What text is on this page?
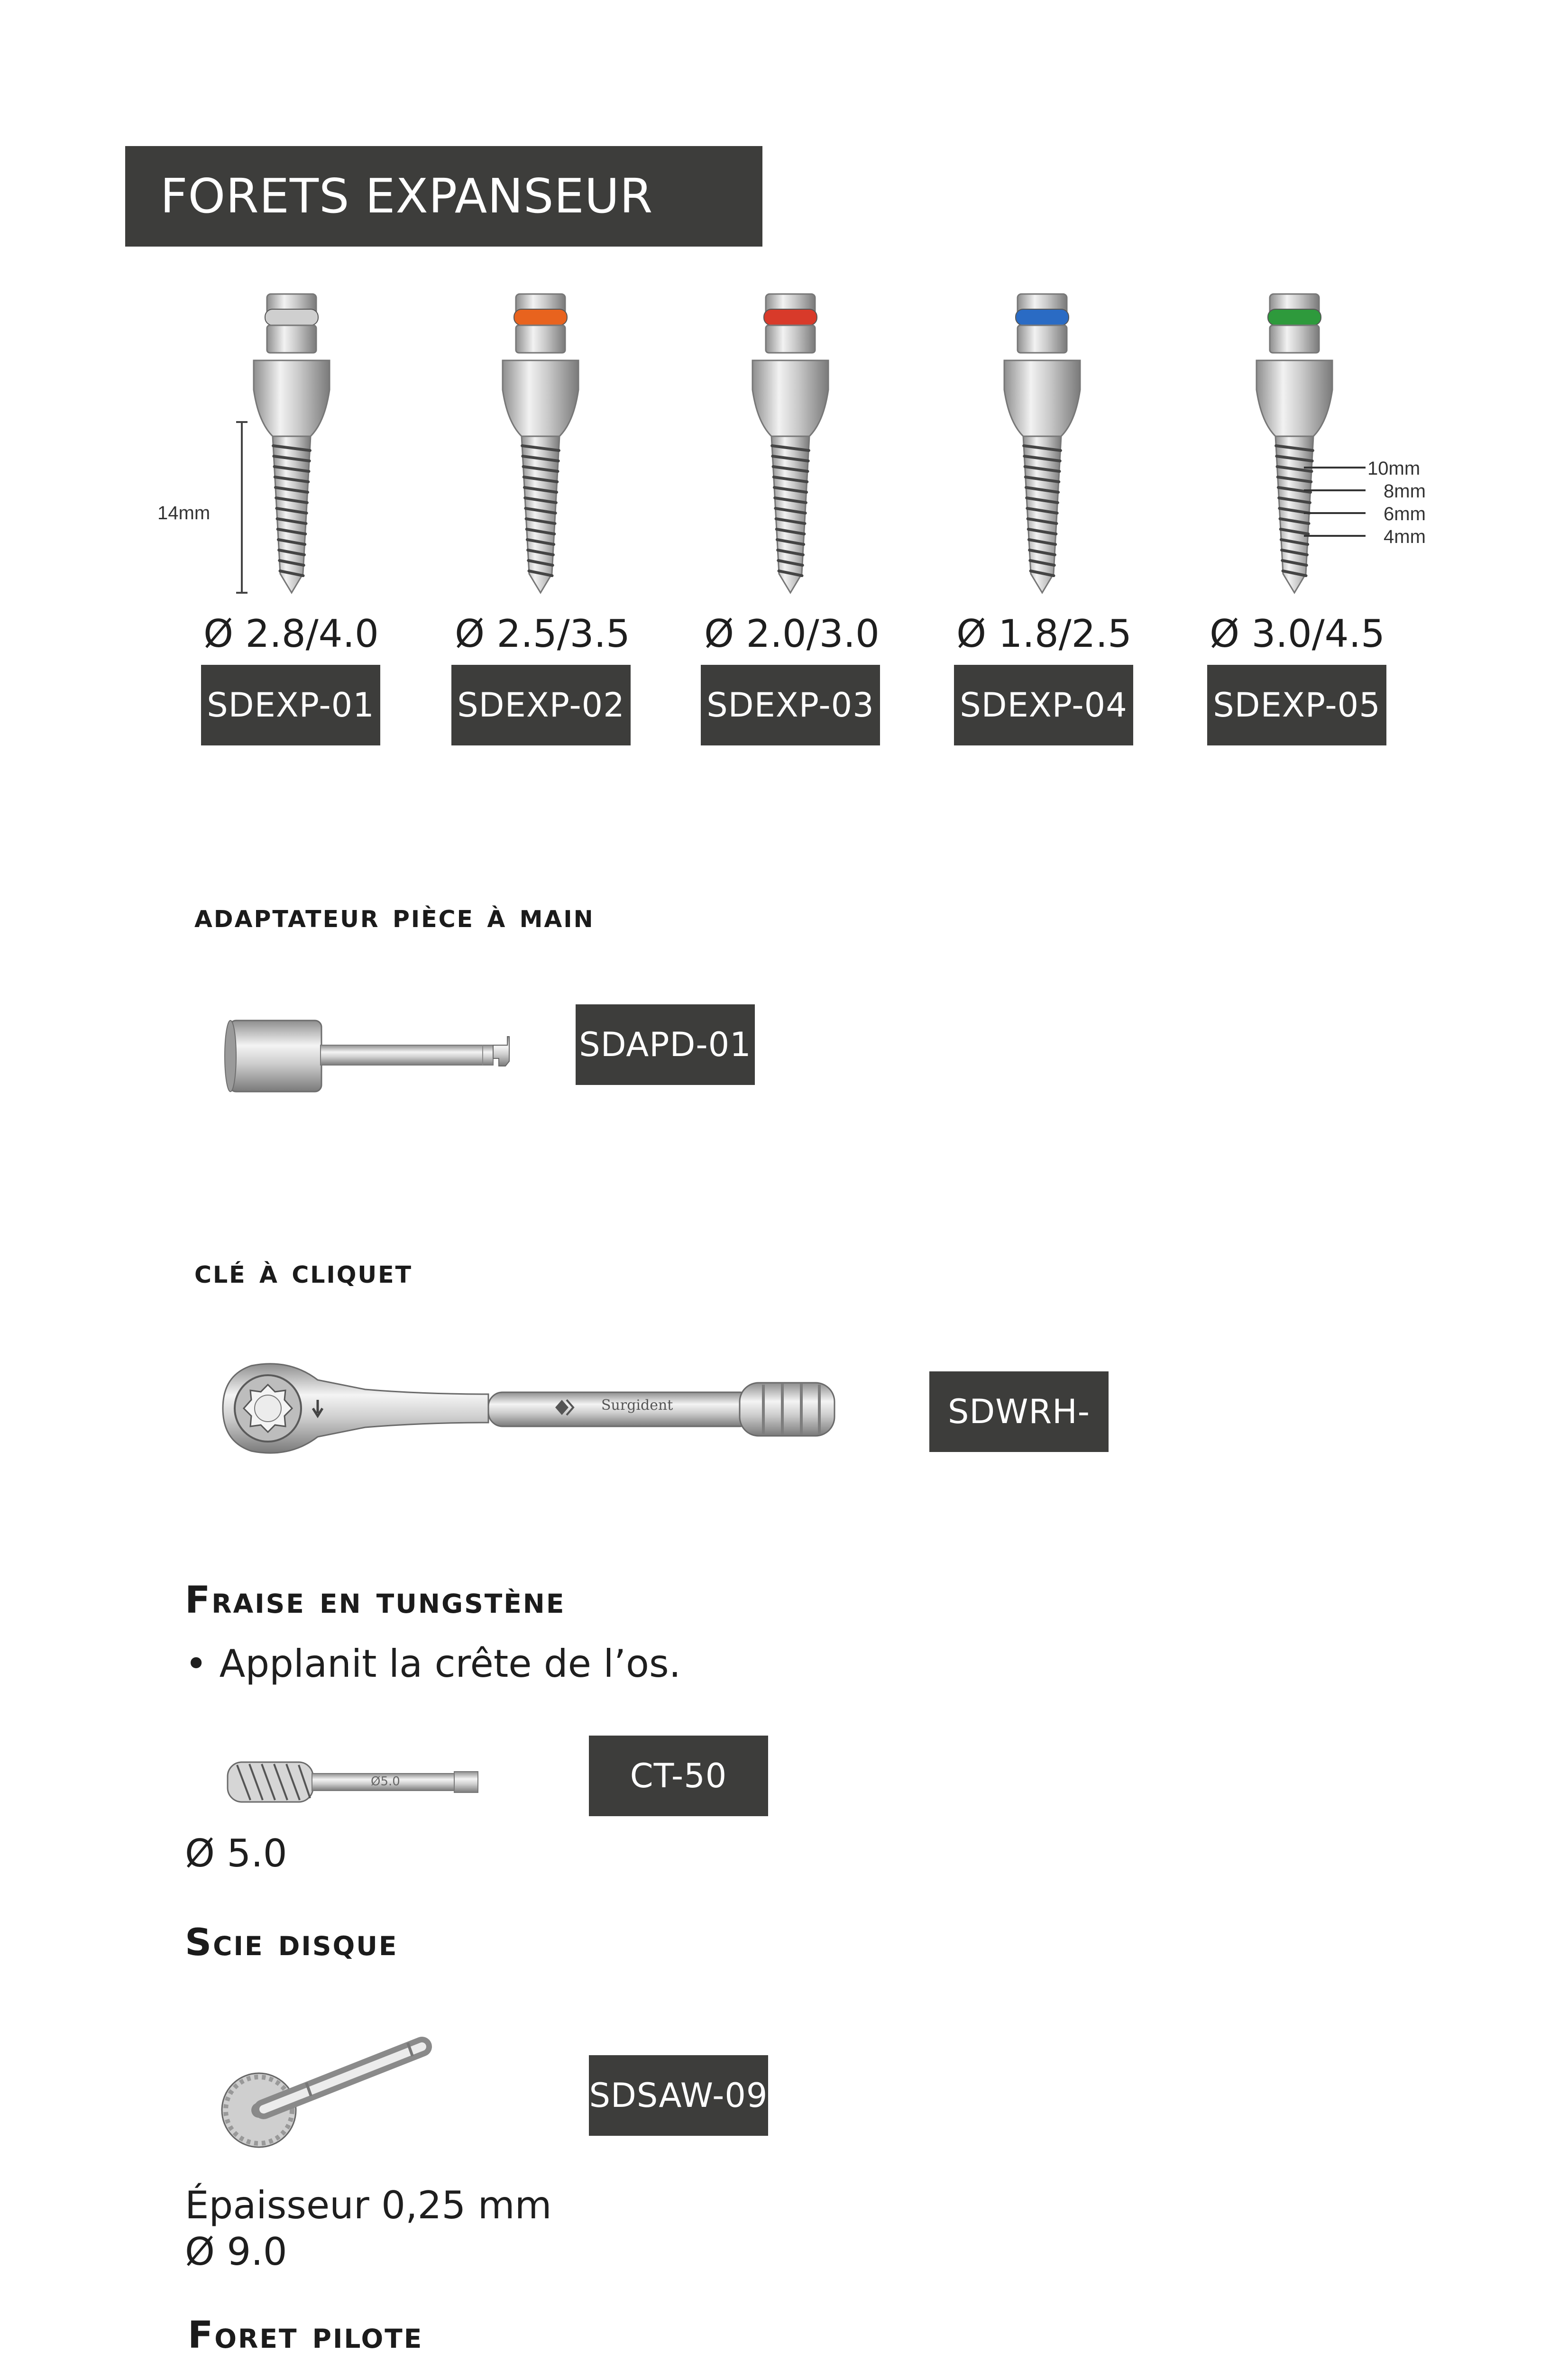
FORETS EXPANSEUR
14mm
10mm
8mm
6mm
4mm
Ø 2.8/4.0	Ø 2.5/3.5	Ø 2.0/3.0	Ø 1.8/2.5	Ø 3.0/4.5
SDEXP-01 SDEXP-02 SDEXP-03	SDEXP-04	SDEXP-05
adaptateur pièce à main
SDAPD-01
clé à cliquet
Surgident	SDWRH-00
Fraise en tungstène
• Applanit la crête de l’os.
Ø5.0	CT-50
Ø 5.0
Scie disque
SDSAW-09
Épaisseur 0,25 mm
Ø 9.0
Foret pilote
